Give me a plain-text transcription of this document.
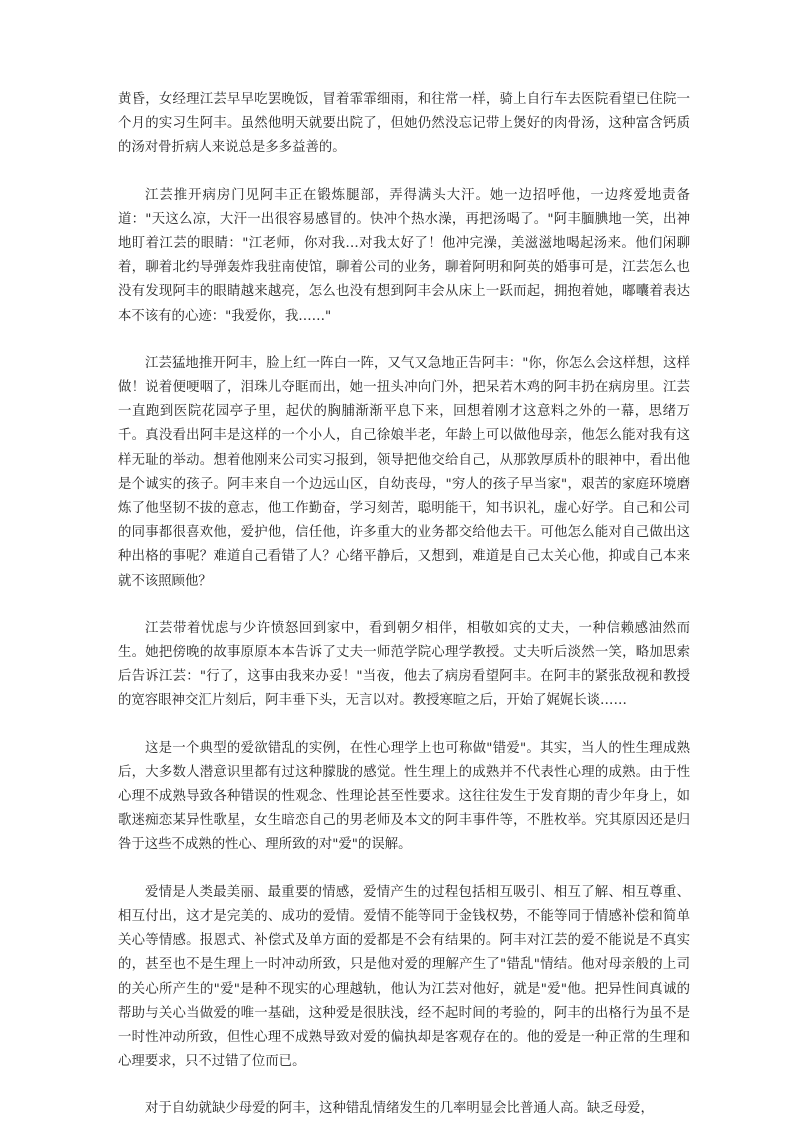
黄昏，女经理江芸早早吃罢晚饭，冒着霏霏细雨，和往常一样，骑上自行车去医院看望已住院一个月的实习生阿丰。虽然他明天就要出院了，但她仍然没忘记带上煲好的肉骨汤，这种富含钙质的汤对骨折病人来说总是多多益善的。

江芸推开病房门见阿丰正在锻炼腿部，弄得满头大汗。她一边招呼他，一边疼爱地责备道："天这么凉，大汗一出很容易感冒的。快冲个热水澡，再把汤喝了。"阿丰腼腆地一笑，出神地盯着江芸的眼睛："江老师，你对我…对我太好了！他冲完澡，美滋滋地喝起汤来。他们闲聊着，聊着北约导弹轰炸我驻南使馆，聊着公司的业务，聊着阿明和阿英的婚事可是，江芸怎么也没有发现阿丰的眼睛越来越亮，怎么也没有想到阿丰会从床上一跃而起，拥抱着她，嘟囔着表达本不该有的心迹："我爱你，我……"

江芸猛地推开阿丰，脸上红一阵白一阵，又气又急地正告阿丰："你，你怎么会这样想，这样做！说着便哽咽了，泪珠儿夺眶而出，她一扭头冲向门外，把呆若木鸡的阿丰扔在病房里。江芸一直跑到医院花园亭子里，起伏的胸脯渐渐平息下来，回想着刚才这意料之外的一幕，思绪万千。真没看出阿丰是这样的一个小人，自己徐娘半老，年龄上可以做他母亲，他怎么能对我有这样无耻的举动。想着他刚来公司实习报到，领导把他交给自己，从那敦厚质朴的眼神中，看出他是个诚实的孩子。阿丰来自一个边远山区，自幼丧母，"穷人的孩子早当家"，艰苦的家庭环境磨炼了他坚韧不拔的意志，他工作勤奋，学习刻苦，聪明能干，知书识礼，虚心好学。自己和公司的同事都很喜欢他，爱护他，信任他，许多重大的业务都交给他去干。可他怎么能对自己做出这种出格的事呢？难道自己看错了人？心绪平静后，又想到，难道是自己太关心他，抑或自己本来就不该照顾他？

江芸带着忧虑与少许愤怒回到家中，看到朝夕相伴，相敬如宾的丈夫，一种信赖感油然而生。她把傍晚的故事原原本本告诉了丈夫一师范学院心理学教授。丈夫听后淡然一笑，略加思索后告诉江芸："行了，这事由我来办妥！"当夜，他去了病房看望阿丰。在阿丰的紧张敌视和教授的宽容眼神交汇片刻后，阿丰垂下头，无言以对。教授寒暄之后，开始了娓娓长谈……

这是一个典型的爱欲错乱的实例，在性心理学上也可称做"错爱"。其实，当人的性生理成熟后，大多数人潜意识里都有过这种朦胧的感觉。性生理上的成熟并不代表性心理的成熟。由于性心理不成熟导致各种错误的性观念、性理论甚至性要求。这往往发生于发育期的青少年身上，如歌迷痴恋某异性歌星，女生暗恋自己的男老师及本文的阿丰事件等，不胜枚举。究其原因还是归咎于这些不成熟的性心、理所致的对"爱"的误解。

爱情是人类最美丽、最重要的情感，爱情产生的过程包括相互吸引、相互了解、相互尊重、相互付出，这才是完美的、成功的爱情。爱情不能等同于金钱权势，不能等同于情感补偿和简单关心等情感。报恩式、补偿式及单方面的爱都是不会有结果的。阿丰对江芸的爱不能说是不真实的，甚至也不是生理上一时冲动所致，只是他对爱的理解产生了"错乱"情结。他对母亲般的上司的关心所产生的"爱"是种不现实的心理越轨，他认为江芸对他好，就是"爱"他。把异性间真诚的帮助与关心当做爱的唯一基础，这种爱是很肤浅，经不起时间的考验的，阿丰的出格行为虽不是一时性冲动所致，但性心理不成熟导致对爱的偏执却是客观存在的。他的爱是一种正常的生理和心理要求，只不过错了位而已。

对于自幼就缺少母爱的阿丰，这种错乱情绪发生的几率明显会比普通人高。缺乏母爱，
